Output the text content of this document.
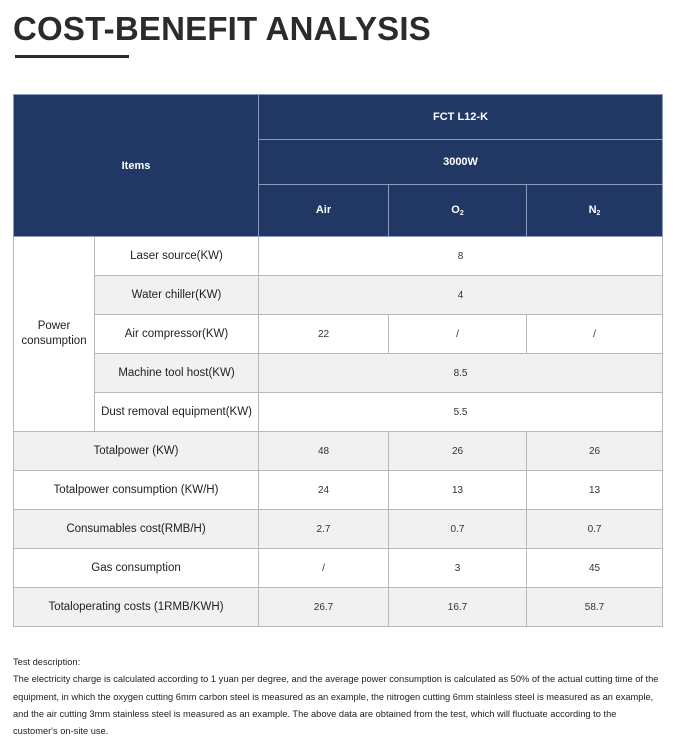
COST-BENEFIT ANALYSIS
Items		FCT L12-K		
		3000W		
		Air	$O_2$	$N_2$
Power consumption	Laser source(KW)	8		
	Water chiller(KW)	4		
	Air compressor(KW)	22	/	/
	Machine tool host(KW)	8.5		
	Dust removal equipment(KW)	5.5		
Totalpower (KW)		48	26	26
Totalpower consumption (KW/H)		24	13	13
Consumables cost(RMB/H)		2.7	0.7	0.7
Gas consumption		/	3	45
Totaloperating costs (1RMB/KWH)		26.7	16.7	58.7

Test description:

The electricity charge is calculated according to 1 yuan per degree, and the average power consumption is calculated as 50% of the actual cutting time of the equipment, in which the oxygen cutting 6mm carbon steel is measured as an example, the nitrogen cutting 6mm stainless steel is measured as an example, and the air cutting 3mm stainless steel is measured as an example. The above data are obtained from the test, which will fluctuate according to the customer's on-site use.
